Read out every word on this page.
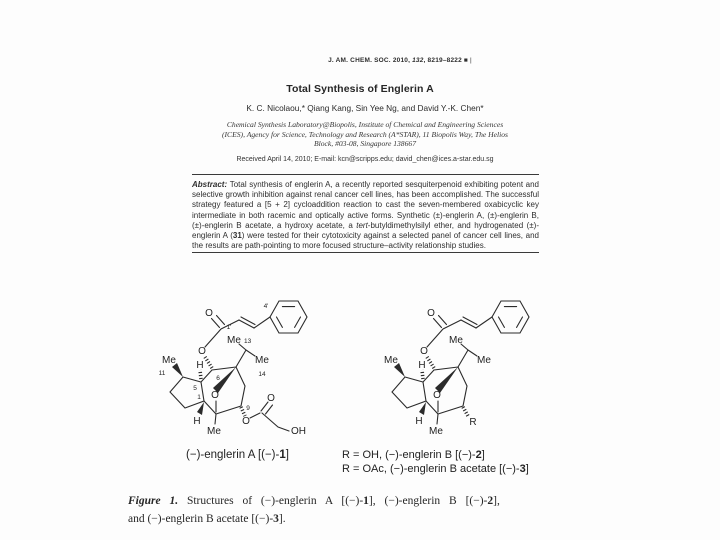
J. AM. CHEM. SOC. 2010, 132, 8219–8222 ■ |
Total Synthesis of Englerin A
K. C. Nicolaou,* Qiang Kang, Sin Yee Ng, and David Y.-K. Chen*
Chemical Synthesis Laboratory@Biopolis, Institute of Chemical and Engineering Sciences
(ICES), Agency for Science, Technology and Research (A*STAR), 11 Biopolis Way, The Helios
Block, #03-08, Singapore 138667
Received April 14, 2010; E-mail: kcn@scripps.edu; david_chen@ices.a-star.edu.sg
Abstract: Total synthesis of englerin A, a recently reported sesquiterpenoid exhibiting potent and selective growth inhibition against renal cancer cell lines, has been accomplished. The successful strategy featured a [5 + 2] cycloaddition reaction to cast the seven-membered oxabicyclic key intermediate in both racemic and optically active forms. Synthetic (±)-englerin A, (±)-englerin B, (±)-englerin B acetate, a hydroxy acetate, a tert-butyldimethylsilyl ether, and hydrogenated (±)-englerin A (31) were tested for their cytotoxicity against a selected panel of cancer cell lines, and the results are path-pointing to more focused structure–activity relationship studies.
O
1'
4'
O
Me 13
Me
14
Me
11
H
5
6
O
1
9
H
Me
O
O
OH
O
O
Me
Me
Me H
O
H
Me
R
(−)-englerin A [(−)-1]	R = OH, (−)-englerin B [(−)-2]
R = OAc, (−)-englerin B acetate [(−)-3]
Figure 1. Structures of (−)-englerin A [(−)-1], (−)-englerin B [(−)-2],
and (−)-englerin B acetate [(−)-3].
